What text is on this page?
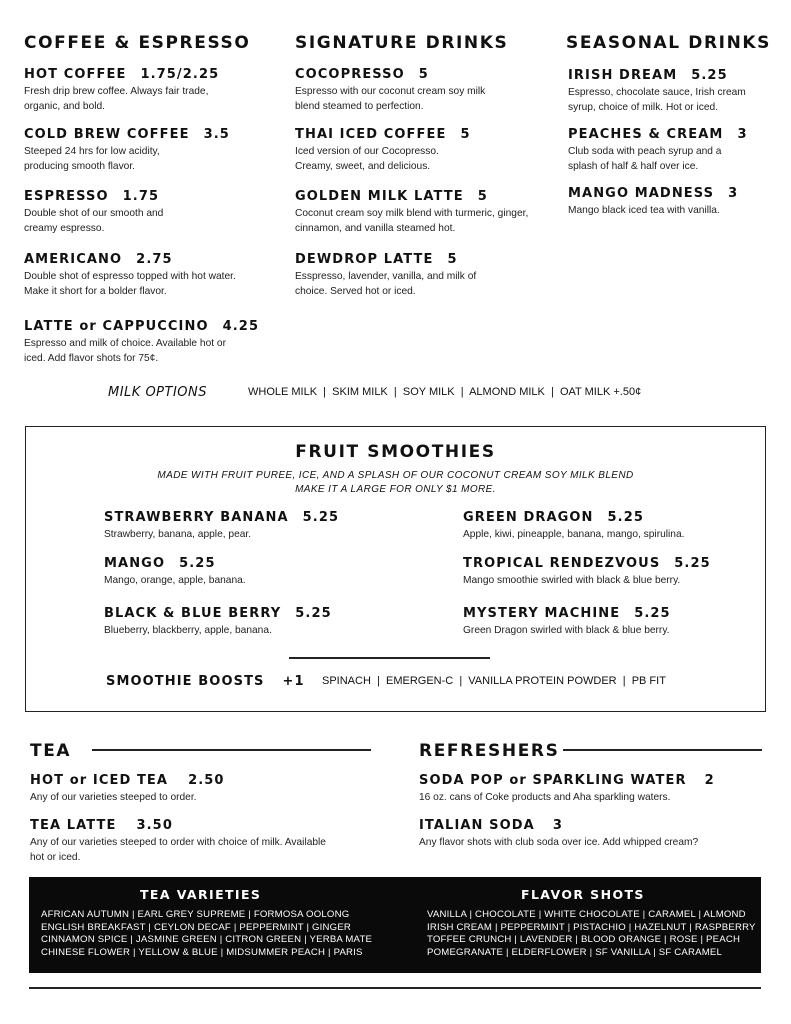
COFFEE & ESPRESSO	SIGNATURE DRINKS	SEASONAL DRINKS
HOT COFFEE 1.75/2.25
Fresh drip brew coffee. Always fair trade, organic, and bold.
COLD BREW COFFEE 3.5
Steeped 24 hrs for low acidity, producing smooth flavor.
ESPRESSO 1.75
Double shot of our smooth and creamy espresso.
AMERICANO 2.75
Double shot of espresso topped with hot water. Make it short for a bolder flavor.
LATTE or CAPPUCCINO 4.25
Espresso and milk of choice. Available hot or iced. Add flavor shots for 75¢.
COCOPRESSO 5
Espresso with our coconut cream soy milk blend steamed to perfection.
THAI ICED COFFEE 5
Iced version of our Cocopresso. Creamy, sweet, and delicious.
GOLDEN MILK LATTE 5
Coconut cream soy milk blend with turmeric, ginger, cinnamon, and vanilla steamed hot.
DEWDROP LATTE 5
Esspresso, lavender, vanilla, and milk of choice. Served hot or iced.
IRISH DREAM 5.25
Espresso, chocolate sauce, Irish cream syrup, choice of milk. Hot or iced.
PEACHES & CREAM 3
Club soda with peach syrup and a splash of half & half over ice.
MANGO MADNESS 3
Mango black iced tea with vanilla.
MILK OPTIONS	WHOLE MILK  |  SKIM MILK  |  SOY MILK  |  ALMOND MILK  |  OAT MILK +.50¢
FRUIT SMOOTHIES
MADE WITH FRUIT PUREE, ICE, AND A SPLASH OF OUR COCONUT CREAM SOY MILK BLEND
MAKE IT A LARGE FOR ONLY $1 MORE.
STRAWBERRY BANANA 5.25
Strawberry, banana, apple, pear.
MANGO 5.25
Mango, orange, apple, banana.
BLACK & BLUE BERRY 5.25
Blueberry, blackberry, apple, banana.
GREEN DRAGON 5.25
Apple, kiwi, pineapple, banana, mango, spirulina.
TROPICAL RENDEZVOUS 5.25
Mango smoothie swirled with black & blue berry.
MYSTERY MACHINE 5.25
Green Dragon swirled with black & blue berry.
SMOOTHIE BOOSTS +1 SPINACH  |  EMERGEN-C  |  VANILLA PROTEIN POWDER  |  PB FIT
TEA
HOT or ICED TEA 2.50
Any of our varieties steeped to order.
TEA LATTE 3.50
Any of our varieties steeped to order with choice of milk. Available hot or iced.
REFRESHERS
SODA POP or SPARKLING WATER 2
16 oz. cans of Coke products and Aha sparkling waters.
ITALIAN SODA 3
Any flavor shots with club soda over ice. Add whipped cream?
TEA VARIETIES
AFRICAN AUTUMN | EARL GREY SUPREME | FORMOSA OOLONG
ENGLISH BREAKFAST | CEYLON DECAF | PEPPERMINT | GINGER
CINNAMON SPICE | JASMINE GREEN | CITRON GREEN | YERBA MATE
CHINESE FLOWER | YELLOW & BLUE | MIDSUMMER PEACH | PARIS
FLAVOR SHOTS
VANILLA | CHOCOLATE | WHITE CHOCOLATE | CARAMEL | ALMOND
IRISH CREAM | PEPPERMINT | PISTACHIO | HAZELNUT | RASPBERRY
TOFFEE CRUNCH | LAVENDER | BLOOD ORANGE | ROSE | PEACH
POMEGRANATE | ELDERFLOWER | SF VANILLA | SF CARAMEL
